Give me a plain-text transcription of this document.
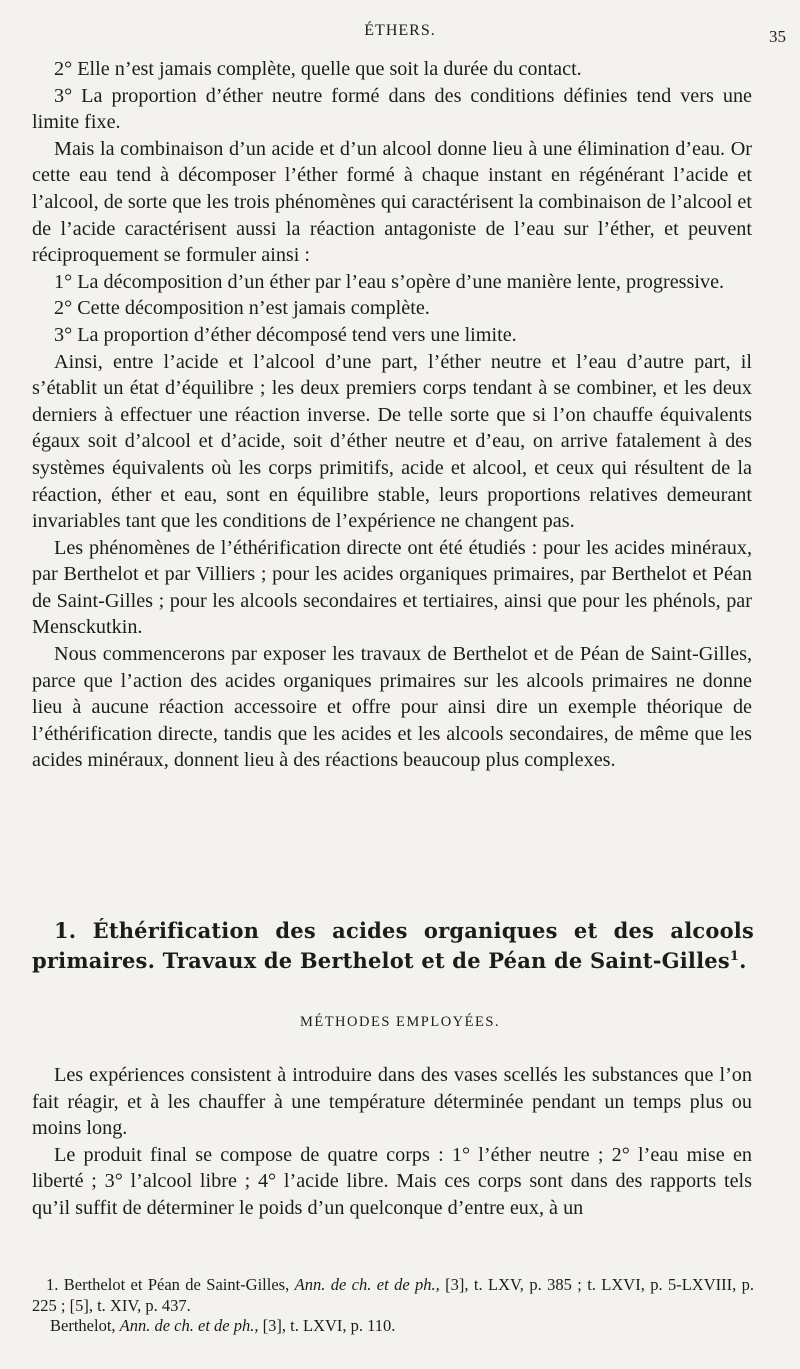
ÉTHERS.	35

2° Elle n’est jamais complète, quelle que soit la durée du contact.

3° La proportion d’éther neutre formé dans des conditions définies tend vers une limite fixe.

Mais la combinaison d’un acide et d’un alcool donne lieu à une élimination d’eau. Or cette eau tend à décomposer l’éther formé à chaque instant en régénérant l’acide et l’alcool, de sorte que les trois phénomènes qui caractérisent la combinaison de l’alcool et de l’acide caractérisent aussi la réaction antagoniste de l’eau sur l’éther, et peuvent réciproquement se formuler ainsi :

1° La décomposition d’un éther par l’eau s’opère d’une manière lente, progressive.

2° Cette décomposition n’est jamais complète.

3° La proportion d’éther décomposé tend vers une limite.

Ainsi, entre l’acide et l’alcool d’une part, l’éther neutre et l’eau d’autre part, il s’établit un état d’équilibre ; les deux premiers corps tendant à se combiner, et les deux derniers à effectuer une réaction inverse. De telle sorte que si l’on chauffe équivalents égaux soit d’alcool et d’acide, soit d’éther neutre et d’eau, on arrive fatalement à des systèmes équivalents où les corps primitifs, acide et alcool, et ceux qui résultent de la réaction, éther et eau, sont en équilibre stable, leurs proportions relatives demeurant invariables tant que les conditions de l’expérience ne changent pas.

Les phénomènes de l’éthérification directe ont été étudiés : pour les acides minéraux, par Berthelot et par Villiers ; pour les acides organiques primaires, par Berthelot et Péan de Saint-Gilles ; pour les alcools secondaires et tertiaires, ainsi que pour les phénols, par Mensckutkin.

Nous commencerons par exposer les travaux de Berthelot et de Péan de Saint-Gilles, parce que l’action des acides organiques primaires sur les alcools primaires ne donne lieu à aucune réaction accessoire et offre pour ainsi dire un exemple théorique de l’éthérification directe, tandis que les acides et les alcools secondaires, de même que les acides minéraux, donnent lieu à des réactions beaucoup plus complexes.

1. Éthérification des acides organiques et des alcools primaires. Travaux de Berthelot et de Péan de Saint-Gilles$^1$.
MÉTHODES EMPLOYÉES.

Les expériences consistent à introduire dans des vases scellés les substances que l’on fait réagir, et à les chauffer à une température déterminée pendant un temps plus ou moins long.

Le produit final se compose de quatre corps : 1° l’éther neutre ; 2° l’eau mise en liberté ; 3° l’alcool libre ; 4° l’acide libre. Mais ces corps sont dans des rapports tels qu’il suffit de déterminer le poids d’un quelconque d’entre eux, à un

1. Berthelot et Péan de Saint-Gilles, Ann. de ch. et de ph., [3], t. LXV, p. 385 ; t. LXVI, p. 5-LXVIII, p. 225 ; [5], t. XIV, p. 437.

Berthelot, Ann. de ch. et de ph., [3], t. LXVI, p. 110.
